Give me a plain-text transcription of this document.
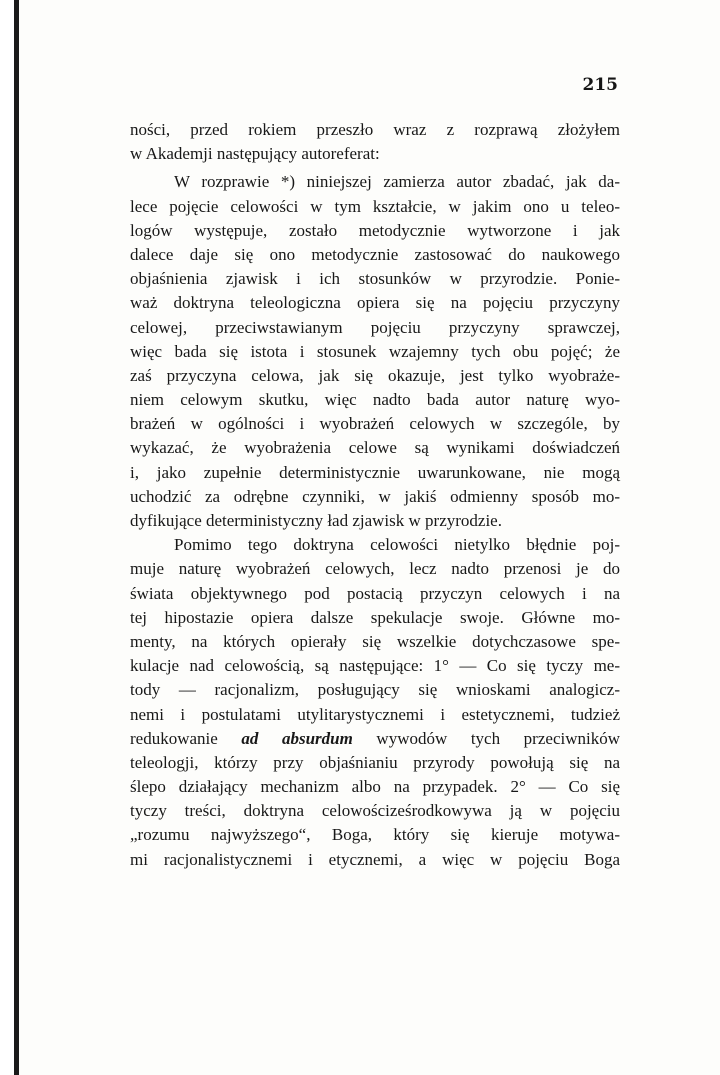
215
ności, przed rokiem przeszło wraz z rozprawą złożyłem
w Akademji następujący autoreferat:
W rozprawie *) niniejszej zamierza autor zbadać, jak da-
lece pojęcie celowości w tym kształcie, w jakim ono u teleo-
logów występuje, zostało metodycznie wytworzone i jak
dalece daje się ono metodycznie zastosować do naukowego
objaśnienia zjawisk i ich stosunków w przyrodzie. Ponie-
waż doktryna teleologiczna opiera się na pojęciu przyczyny
celowej, przeciwstawianym pojęciu przyczyny sprawczej,
więc bada się istota i stosunek wzajemny tych obu pojęć; że
zaś przyczyna celowa, jak się okazuje, jest tylko wyobraże-
niem celowym skutku, więc nadto bada autor naturę wyo-
brażeń w ogólności i wyobrażeń celowych w szczególe, by
wykazać, że wyobrażenia celowe są wynikami doświadczeń
i, jako zupełnie deterministycznie uwarunkowane, nie mogą
uchodzić za odrębne czynniki, w jakiś odmienny sposób mo-
dyfikujące deterministyczny ład zjawisk w przyrodzie.
Pomimo tego doktryna celowości nietylko błędnie poj-
muje naturę wyobrażeń celowych, lecz nadto przenosi je do
świata objektywnego pod postacią przyczyn celowych i na
tej hipostazie opiera dalsze spekulacje swoje. Główne mo-
menty, na których opierały się wszelkie dotychczasowe spe-
kulacje nad celowością, są następujące: 1° — Co się tyczy me-
tody — racjonalizm, posługujący się wnioskami analogicz-
nemi i postulatami utylitarystycznemi i estetycznemi, tudzież
redukowanie ad absurdum wywodów tych przeciwników
teleologji, którzy przy objaśnianiu przyrody powołują się na
ślepo działający mechanizm albo na przypadek. 2° — Co się
tyczy treści, doktryna celowościześrodkowywa ją w pojęciu
„rozumu najwyższego“, Boga, który się kieruje motywa-
mi racjonalistycznemi i etycznemi, a więc w pojęciu Boga
